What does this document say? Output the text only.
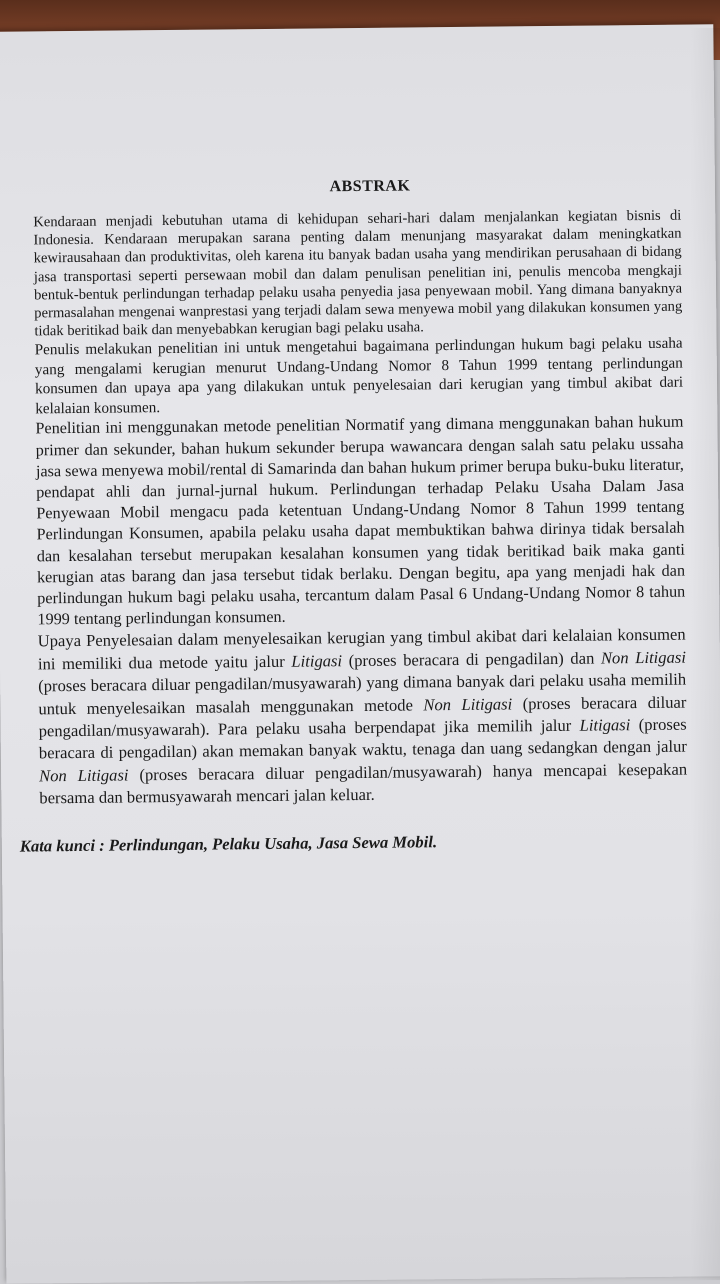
ABSTRAK

Kendaraan menjadi kebutuhan utama di kehidupan sehari-hari dalam menjalankan kegiatan bisnis di Indonesia. Kendaraan merupakan sarana penting dalam menunjang masyarakat dalam meningkatkan kewirausahaan dan produktivitas, oleh karena itu banyak badan usaha yang mendirikan perusahaan di bidang jasa transportasi seperti persewaan mobil dan dalam penulisan penelitian ini, penulis mencoba mengkaji bentuk-bentuk perlindungan terhadap pelaku usaha penyedia jasa penyewaan mobil. Yang dimana banyaknya permasalahan mengenai wanprestasi yang terjadi dalam sewa menyewa mobil yang dilakukan konsumen yang tidak beritikad baik dan menyebabkan kerugian bagi pelaku usaha.

Penulis melakukan penelitian ini untuk mengetahui bagaimana perlindungan hukum bagi pelaku usaha yang mengalami kerugian menurut Undang-Undang Nomor 8 Tahun 1999 tentang perlindungan konsumen dan upaya apa yang dilakukan untuk penyelesaian dari kerugian yang timbul akibat dari kelalaian konsumen.

Penelitian ini menggunakan metode penelitian Normatif yang dimana menggunakan bahan hukum primer dan sekunder, bahan hukum sekunder berupa wawancara dengan salah satu pelaku ussaha jasa sewa menyewa mobil/rental di Samarinda dan bahan hukum primer berupa buku-buku literatur, pendapat ahli dan jurnal-jurnal hukum. Perlindungan terhadap Pelaku Usaha Dalam Jasa Penyewaan Mobil mengacu pada ketentuan Undang-Undang Nomor 8 Tahun 1999 tentang Perlindungan Konsumen, apabila pelaku usaha dapat membuktikan bahwa dirinya tidak bersalah dan kesalahan tersebut merupakan kesalahan konsumen yang tidak beritikad baik maka ganti kerugian atas barang dan jasa tersebut tidak berlaku. Dengan begitu, apa yang menjadi hak dan perlindungan hukum bagi pelaku usaha, tercantum dalam Pasal 6 Undang-Undang Nomor 8 tahun 1999 tentang perlindungan konsumen.

Upaya Penyelesaian dalam menyelesaikan kerugian yang timbul akibat dari kelalaian konsumen ini memiliki dua metode yaitu jalur Litigasi (proses beracara di pengadilan) dan Non Litigasi (proses beracara diluar pengadilan/musyawarah) yang dimana banyak dari pelaku usaha memilih untuk menyelesaikan masalah menggunakan metode Non Litigasi (proses beracara diluar pengadilan/musyawarah). Para pelaku usaha berpendapat jika memilih jalur Litigasi (proses beracara di pengadilan) akan memakan banyak waktu, tenaga dan uang sedangkan dengan jalur Non Litigasi (proses beracara diluar pengadilan/musyawarah) hanya mencapai kesepakan bersama dan bermusyawarah mencari jalan keluar.

Kata kunci : Perlindungan, Pelaku Usaha, Jasa Sewa Mobil.
